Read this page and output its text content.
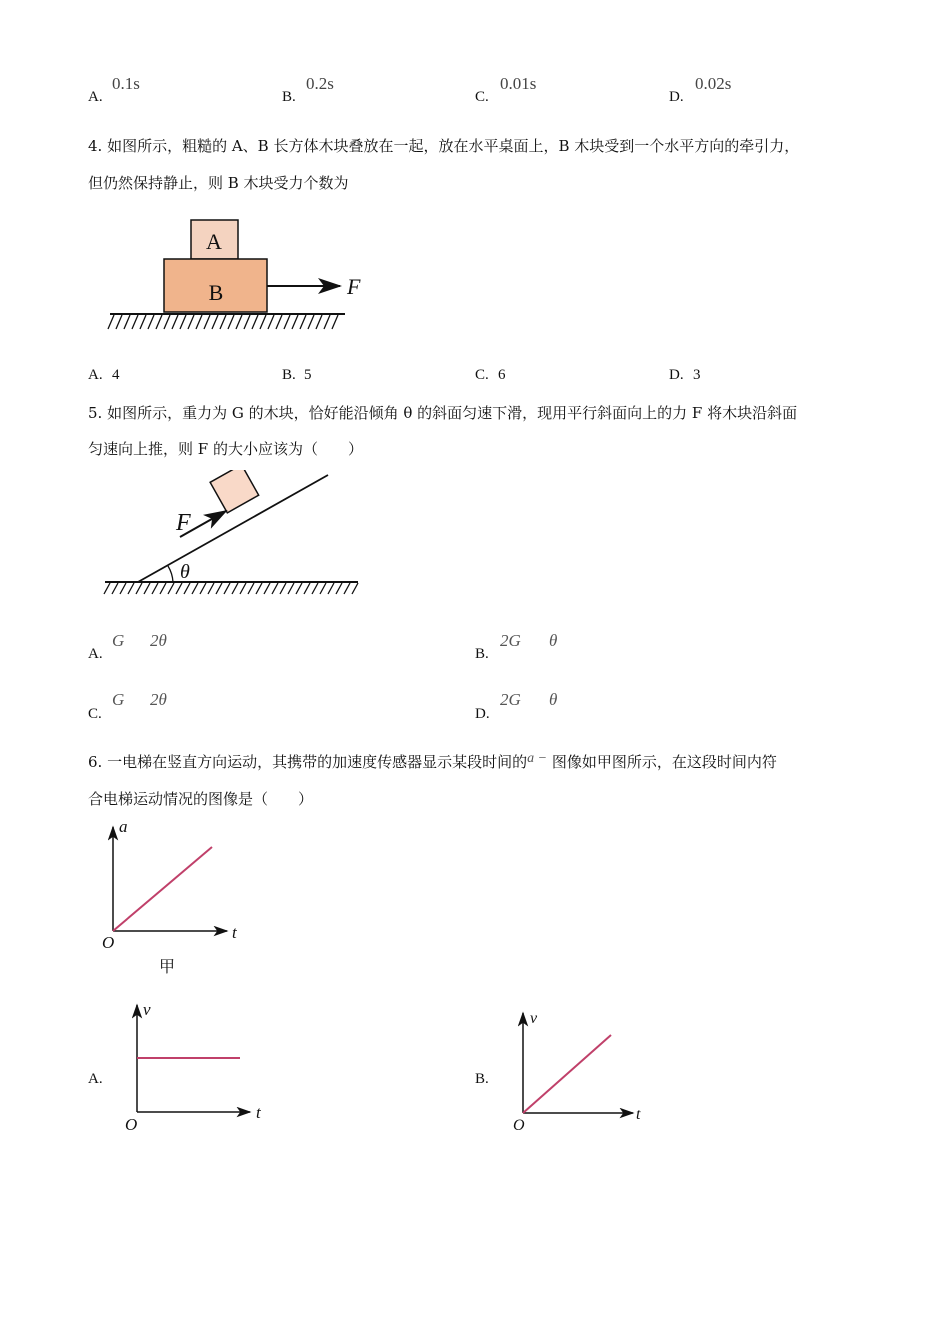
A.
0.1s
B.
0.2s
C.
0.01s
D.
0.02s
4. 如图所示，粗糙的 A、B 长方体木块叠放在一起，放在水平桌面上，B 木块受到一个水平方向的牵引力，
但仍然保持静止，则 B 木块受力个数为
A
B	F
A. 4	B. 5	C. 6	D. 3
5. 如图所示，重力为 G 的木块，恰好能沿倾角 θ 的斜面匀速下滑，现用平行斜面向上的力 F 将木块沿斜面
匀速向上推，则 F 的大小应该为（　　）
F
θ
A.
G 2θ
B.
2G θ
C.
G 2θ
D.
2G θ
6. 一电梯在竖直方向运动，其携带的加速度传感器显示某段时间的a − 图像如甲图所示，在这段时间内符
合电梯运动情况的图像是（　　）
a
t
O
甲
A.
v
t
O
B.
v
t
O
